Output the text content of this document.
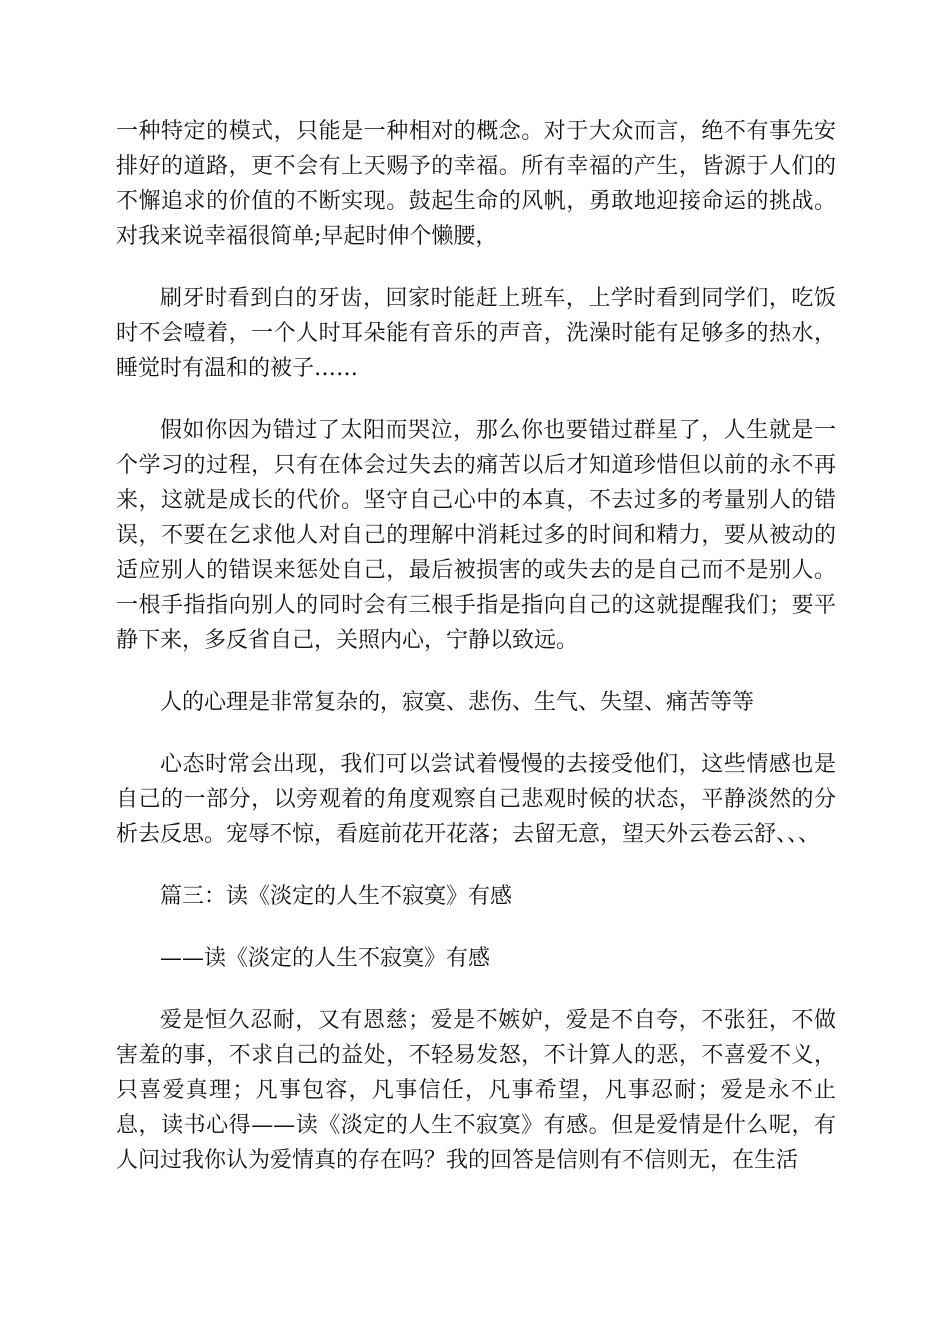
一种特定的模式，只能是一种相对的概念。对于大众而言，绝不有事先安排好的道路，更不会有上天赐予的幸福。所有幸福的产生，皆源于人们的不懈追求的价值的不断实现。鼓起生命的风帆，勇敢地迎接命运的挑战。对我来说幸福很简单;早起时伸个懒腰，

刷牙时看到白的牙齿，回家时能赶上班车，上学时看到同学们，吃饭时不会噎着，一个人时耳朵能有音乐的声音，洗澡时能有足够多的热水，睡觉时有温和的被子……

假如你因为错过了太阳而哭泣，那么你也要错过群星了，人生就是一个学习的过程，只有在体会过失去的痛苦以后才知道珍惜但以前的永不再来，这就是成长的代价。坚守自己心中的本真，不去过多的考量别人的错误，不要在乞求他人对自己的理解中消耗过多的时间和精力，要从被动的适应别人的错误来惩处自己，最后被损害的或失去的是自己而不是别人。一根手指指向别人的同时会有三根手指是指向自己的这就提醒我们；要平静下来，多反省自己，关照内心，宁静以致远。

人的心理是非常复杂的，寂寞、悲伤、生气、失望、痛苦等等

心态时常会出现，我们可以尝试着慢慢的去接受他们，这些情感也是自己的一部分，以旁观着的角度观察自己悲观时候的状态，平静淡然的分析去反思。宠辱不惊，看庭前花开花落；去留无意，望天外云卷云舒、、、

篇三：读《淡定的人生不寂寞》有感

——读《淡定的人生不寂寞》有感

爱是恒久忍耐，又有恩慈；爱是不嫉妒，爱是不自夸，不张狂，不做害羞的事，不求自己的益处，不轻易发怒，不计算人的恶，不喜爱不义，只喜爱真理；凡事包容，凡事信任，凡事希望，凡事忍耐；爱是永不止息，读书心得——读《淡定的人生不寂寞》有感。但是爱情是什么呢，有人问过我你认为爱情真的存在吗？我的回答是信则有不信则无，在生活
